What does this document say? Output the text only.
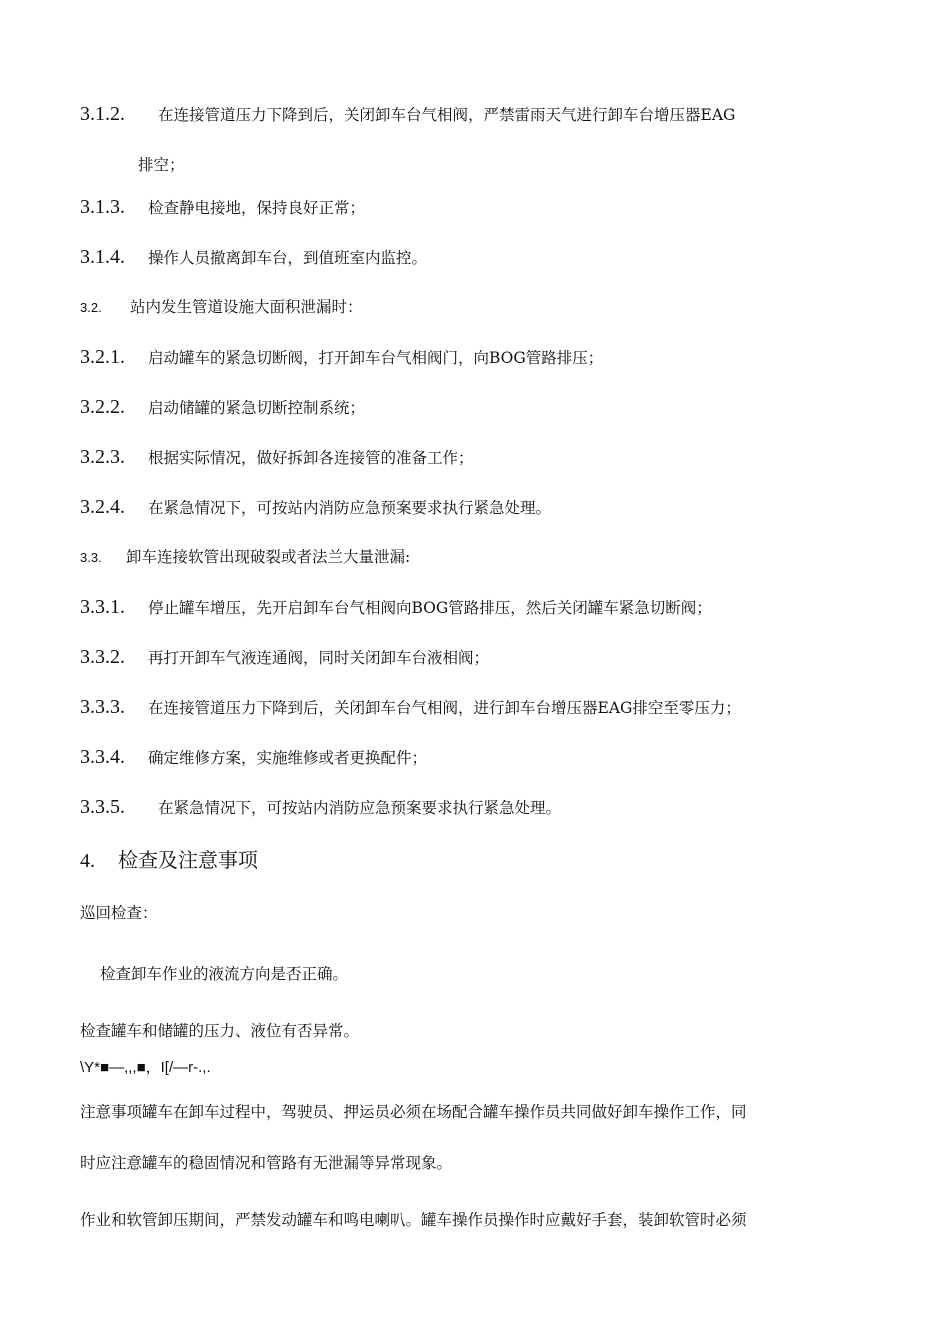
3.1.2. 在连接管道压力下降到后，关闭卸车台气相阀，严禁雷雨天气进行卸车台增压器EAG
排空；
3.1.3. 检查静电接地，保持良好正常；
3.1.4. 操作人员撤离卸车台，到值班室内监控。
3.2. 站内发生管道设施大面积泄漏时：
3.2.1. 启动罐车的紧急切断阀，打开卸车台气相阀门，向BOG管路排压；
3.2.2. 启动储罐的紧急切断控制系统；
3.2.3. 根据实际情况，做好拆卸各连接管的准备工作；
3.2.4. 在紧急情况下，可按站内消防应急预案要求执行紧急处理。
3.3. 卸车连接软管出现破裂或者法兰大量泄漏:
3.3.1. 停止罐车增压，先开启卸车台气相阀向BOG管路排压，然后关闭罐车紧急切断阀；
3.3.2. 再打开卸车气液连通阀，同时关闭卸车台液相阀；
3.3.3. 在连接管道压力下降到后，关闭卸车台气相阀，进行卸车台增压器EAG排空至零压力；
3.3.4. 确定维修方案，实施维修或者更换配件；
3.3.5. 在紧急情况下，可按站内消防应急预案要求执行紧急处理。
4. 检查及注意事项
巡回检查：
检查卸车作业的液流方向是否正确。
检查罐车和储罐的压力、液位有否异常。
\Y*■—,,,■，I[/—r-.,.
注意事项罐车在卸车过程中，驾驶员、押运员必须在场配合罐车操作员共同做好卸车操作工作，同
时应注意罐车的稳固情况和管路有无泄漏等异常现象。
作业和软管卸压期间，严禁发动罐车和鸣电喇叭。罐车操作员操作时应戴好手套，装卸软管时必须
